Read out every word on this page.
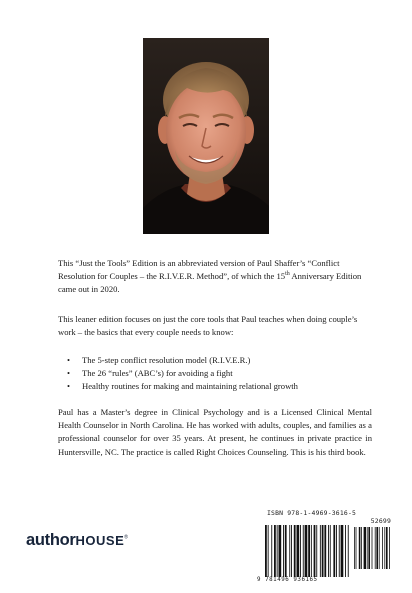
This “Just the Tools” Edition is an abbreviated version of Paul Shaffer’s “Conflict Resolution for Couples – the R.I.V.E.R. Method”, of which the 15th Anniversary Edition came out in 2020.

This leaner edition focuses on just the core tools that Paul teaches when doing couple’s work – the basics that every couple needs to know:

• The 5-step conflict resolution model (R.I.V.E.R.)
• The 26 “rules” (ABC’s) for avoiding a fight
• Healthy routines for making and maintaining relational growth

Paul has a Master’s degree in Clinical Psychology and is a Licensed Clinical Mental Health Counselor in North Carolina. He has worked with adults, couples, and families as a professional counselor for over 35 years. At present, he continues in private practice in Huntersville, NC. The practice is called Right Choices Counseling. This is his third book.

authorHOUSE®
ISBN 978-1-4969-3616-5
52699
9 781496 936165
